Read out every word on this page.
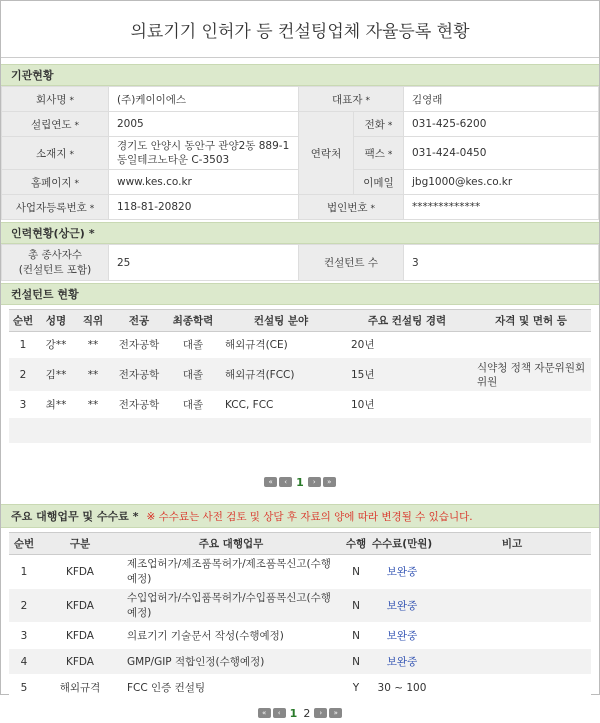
의료기기 인허가 등 컨설팅업체 자율등록 현황
기관현황
회사명 *	(주)케이이에스	대표자 *		김영래
설립연도 *	2005	연락처	전화 *	031-425-6200
소재지 *	경기도 안양시 동안구 관양2동 889-1동일테크노타운 C-3503		팩스 *	031-424-0450
홈페이지 *	www.kes.co.kr		이메일	jbg1000@kes.co.kr
사업자등록번호 *	118-81-20820	법인번호 *		*************
인력현황(상근) *
총 종사자수
(컨설턴트 포함)	25	컨설턴트 수	3
컨설턴트 현황
순번	성명	직위	전공	최종학력	컨설팅 분야	주요 컨설팅 경력	자격 및 면허 등
1	강**	**	전자공학	대졸	해외규격(CE)	20년	
2	김**	**	전자공학	대졸	해외규격(FCC)	15년	식약청 정책 자문위원회 위원
3	최**	**	전자공학	대졸	KCC, FCC	10년	

«	‹ 1	›	»
주요 대행업무 및 수수료 * ※ 수수료는 사전 검토 및 상담 후 자료의 양에 따라 변경될 수 있습니다.
순번	구분	주요 대행업무	수행	수수료(만원)	비고
1	KFDA	제조업허가/제조품목허가/제조품목신고(수행예정)	N	보완중	
2	KFDA	수입업허가/수입품목허가/수입품목신고(수행예정)	N	보완중	
3	KFDA	의료기기 기술문서 작성(수행예정)	N	보완중	
4	KFDA	GMP/GIP 적합인정(수행예정)	N	보완중	
5	해외규격	FCC 인증 컨설팅	Y	30 ~ 100	
«	‹ 1 2	›	»
